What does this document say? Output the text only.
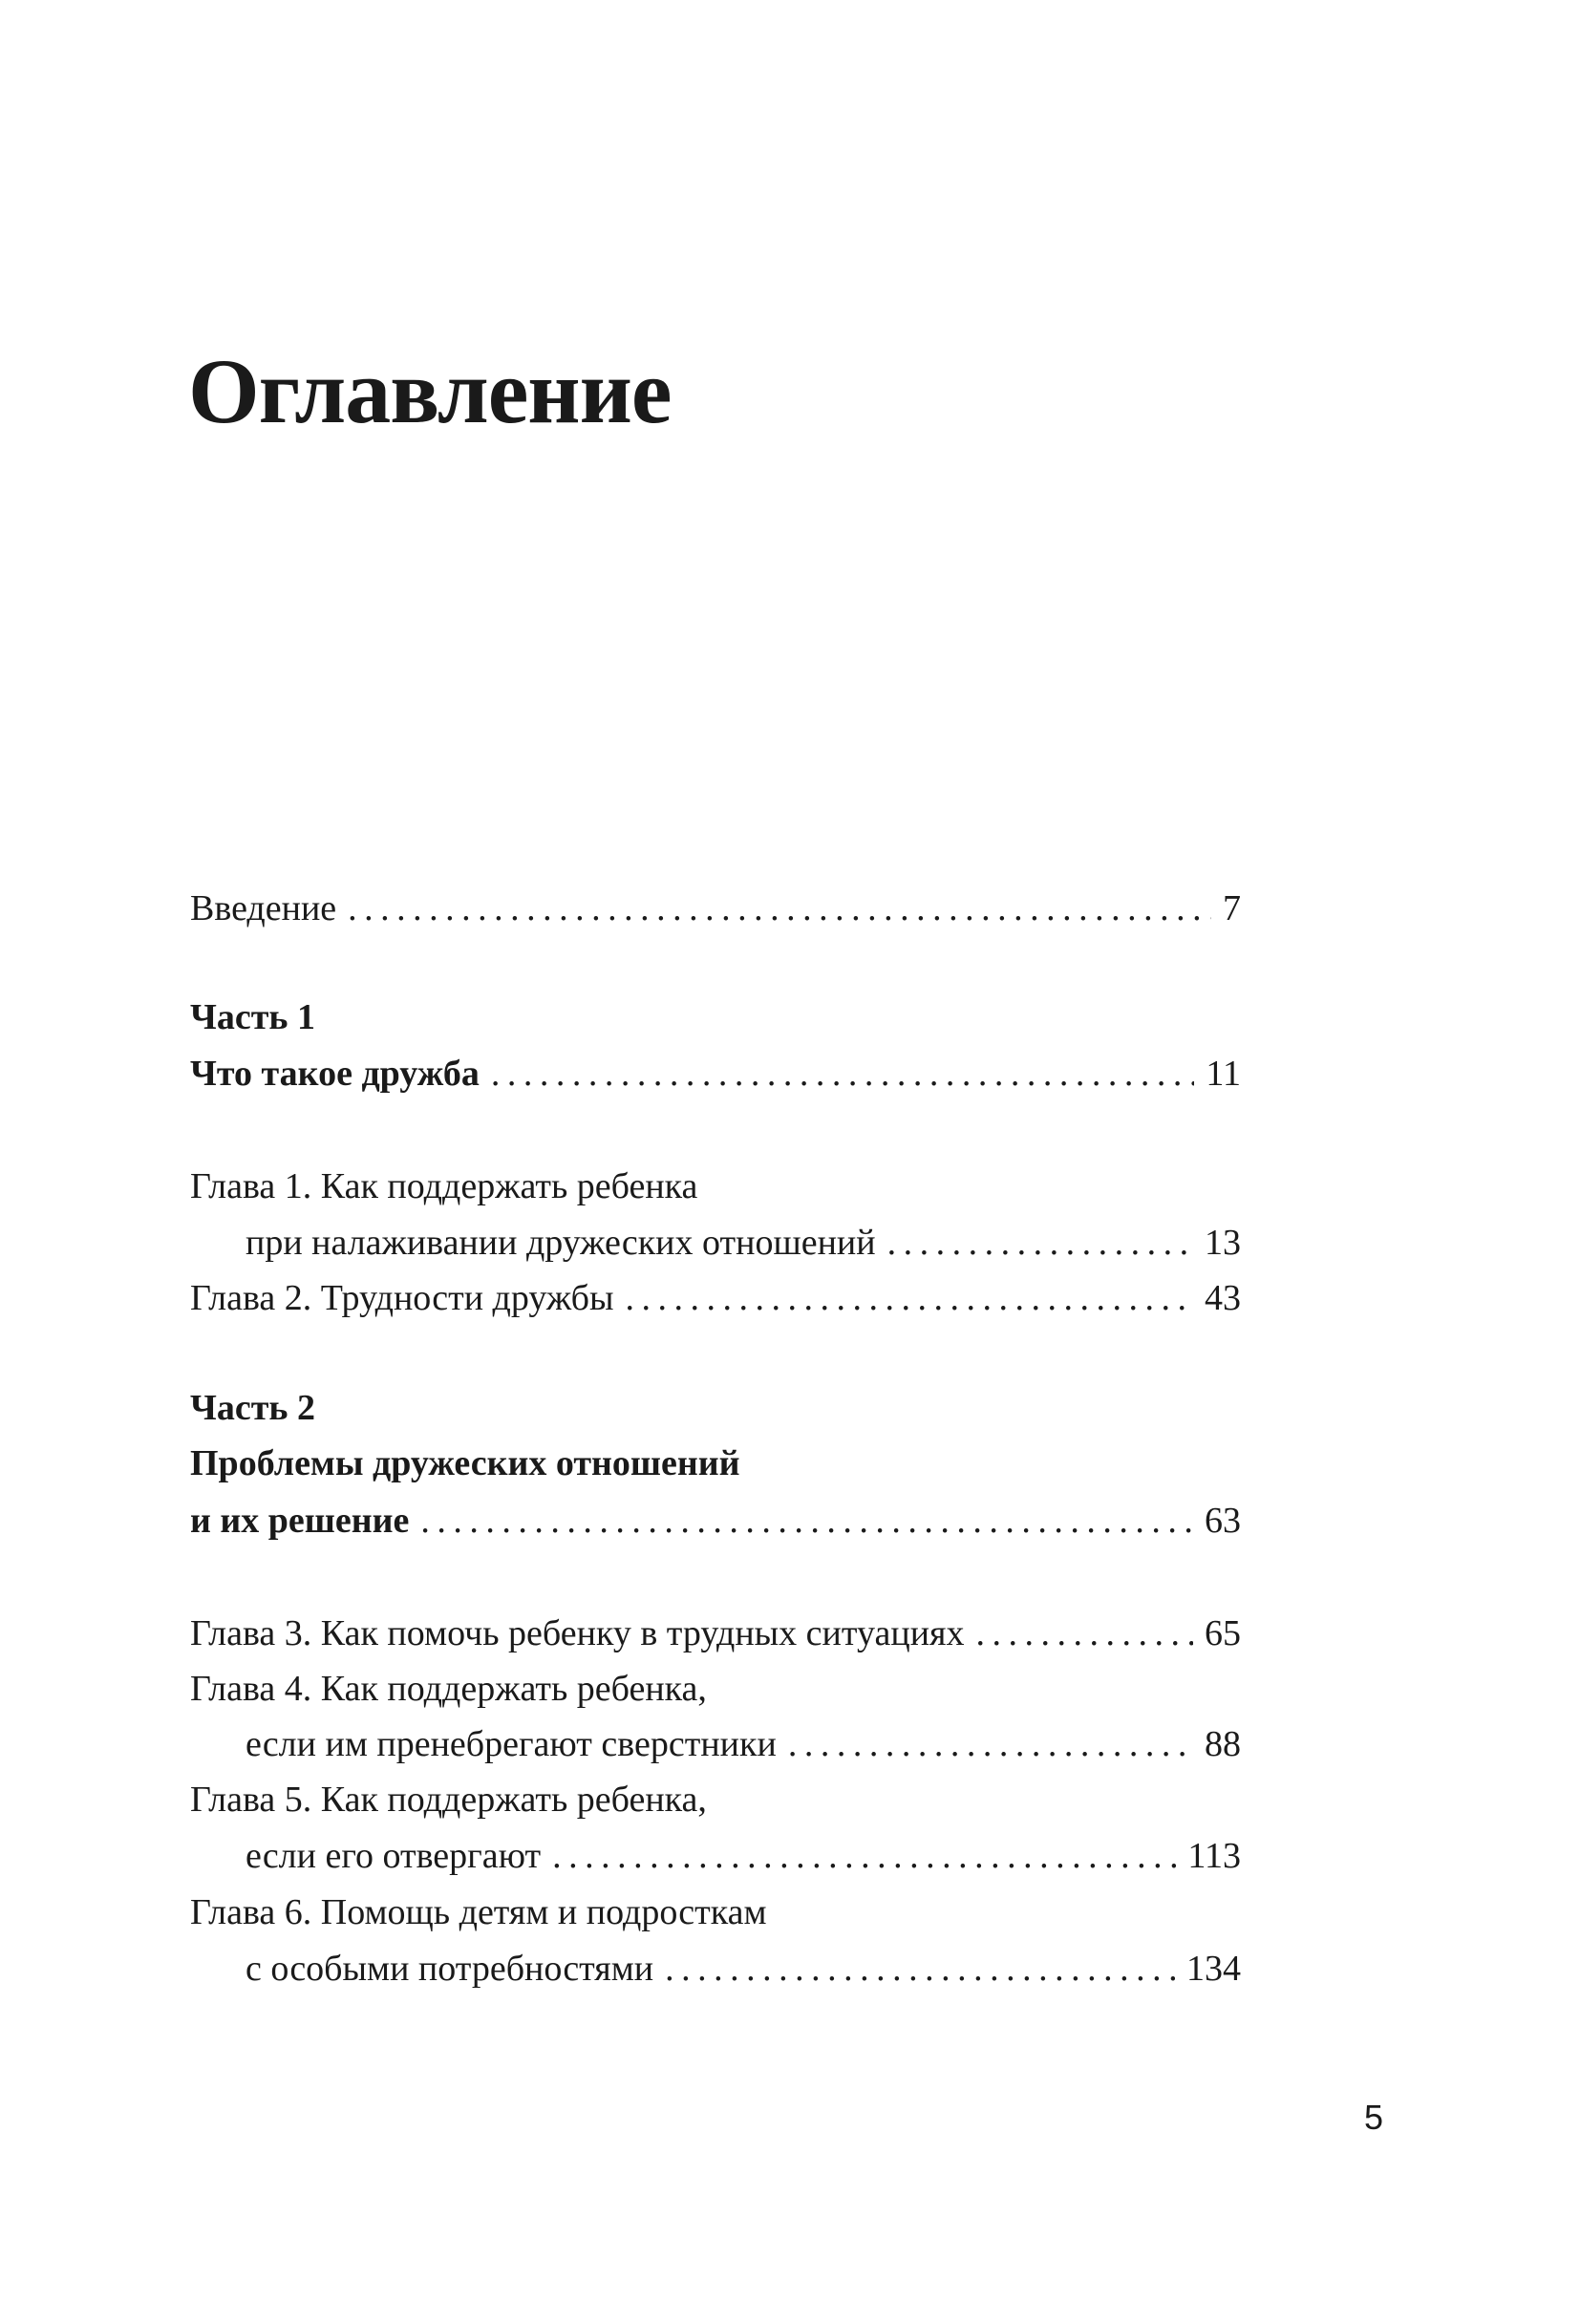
Оглавление
Введение . . .	7
Часть 1
Что такое дружба . . .	11
Глава 1. Как поддержать ребенка
при налаживании дружеских отношений . . .	13
Глава 2. Трудности дружбы . . .	43
Часть 2
Проблемы дружеских отношений
и их решение . . .	63
Глава 3. Как помочь ребенку в трудных ситуациях . . .	65
Глава 4. Как поддержать ребенка,
если им пренебрегают сверстники . . .	88
Глава 5. Как поддержать ребенка,
если его отвергают . . .	113
Глава 6. Помощь детям и подросткам
с особыми потребностями . . .	134
5
